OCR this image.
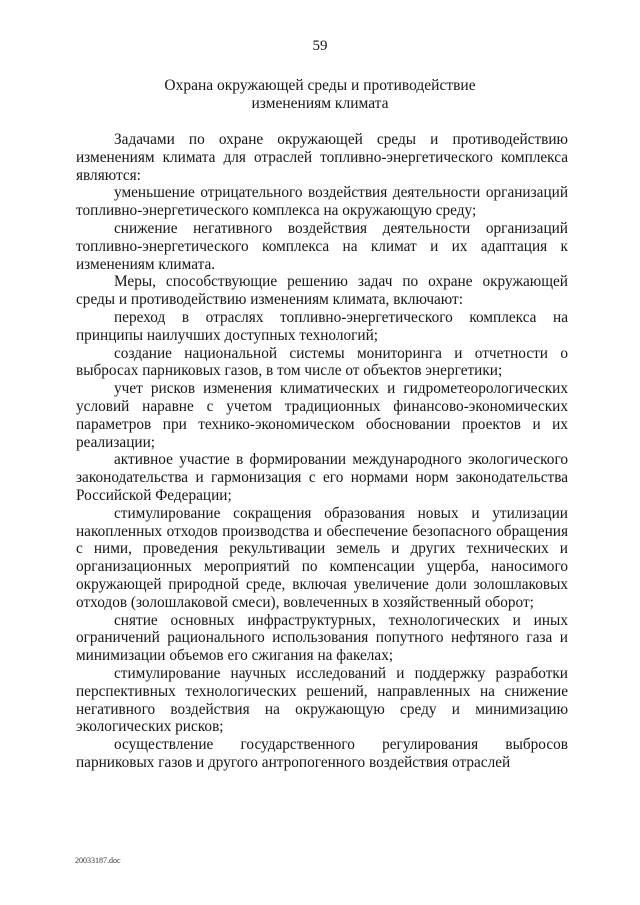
59
Охрана окружающей среды и противодействие
изменениям климата

Задачами по охране окружающей среды и противодействию изменениям климата для отраслей топливно-энергетического комплекса являются:

уменьшение отрицательного воздействия деятельности организаций топливно-энергетического комплекса на окружающую среду;

снижение негативного воздействия деятельности организаций топливно-энергетического комплекса на климат и их адаптация к изменениям климата.

Меры, способствующие решению задач по охране окружающей среды и противодействию изменениям климата, включают:

переход в отраслях топливно-энергетического комплекса на принципы наилучших доступных технологий;

создание национальной системы мониторинга и отчетности о выбросах парниковых газов, в том числе от объектов энергетики;

учет рисков изменения климатических и гидрометеорологических условий наравне с учетом традиционных финансово-экономических параметров при технико-экономическом обосновании проектов и их реализации;

активное участие в формировании международного экологического законодательства и гармонизация с его нормами норм законодательства Российской Федерации;

стимулирование сокращения образования новых и утилизации накопленных отходов производства и обеспечение безопасного обращения с ними, проведения рекультивации земель и других технических и организационных мероприятий по компенсации ущерба, наносимого окружающей природной среде, включая увеличение доли золошлаковых отходов (золошлаковой смеси), вовлеченных в хозяйственный оборот;

снятие основных инфраструктурных, технологических и иных ограничений рационального использования попутного нефтяного газа и минимизации объемов его сжигания на факелах;

стимулирование научных исследований и поддержку разработки перспективных технологических решений, направленных на снижение негативного воздействия на окружающую среду и минимизацию экологических рисков;

осуществление государственного регулирования выбросов парниковых газов и другого антропогенного воздействия отраслей

20033187.doc
